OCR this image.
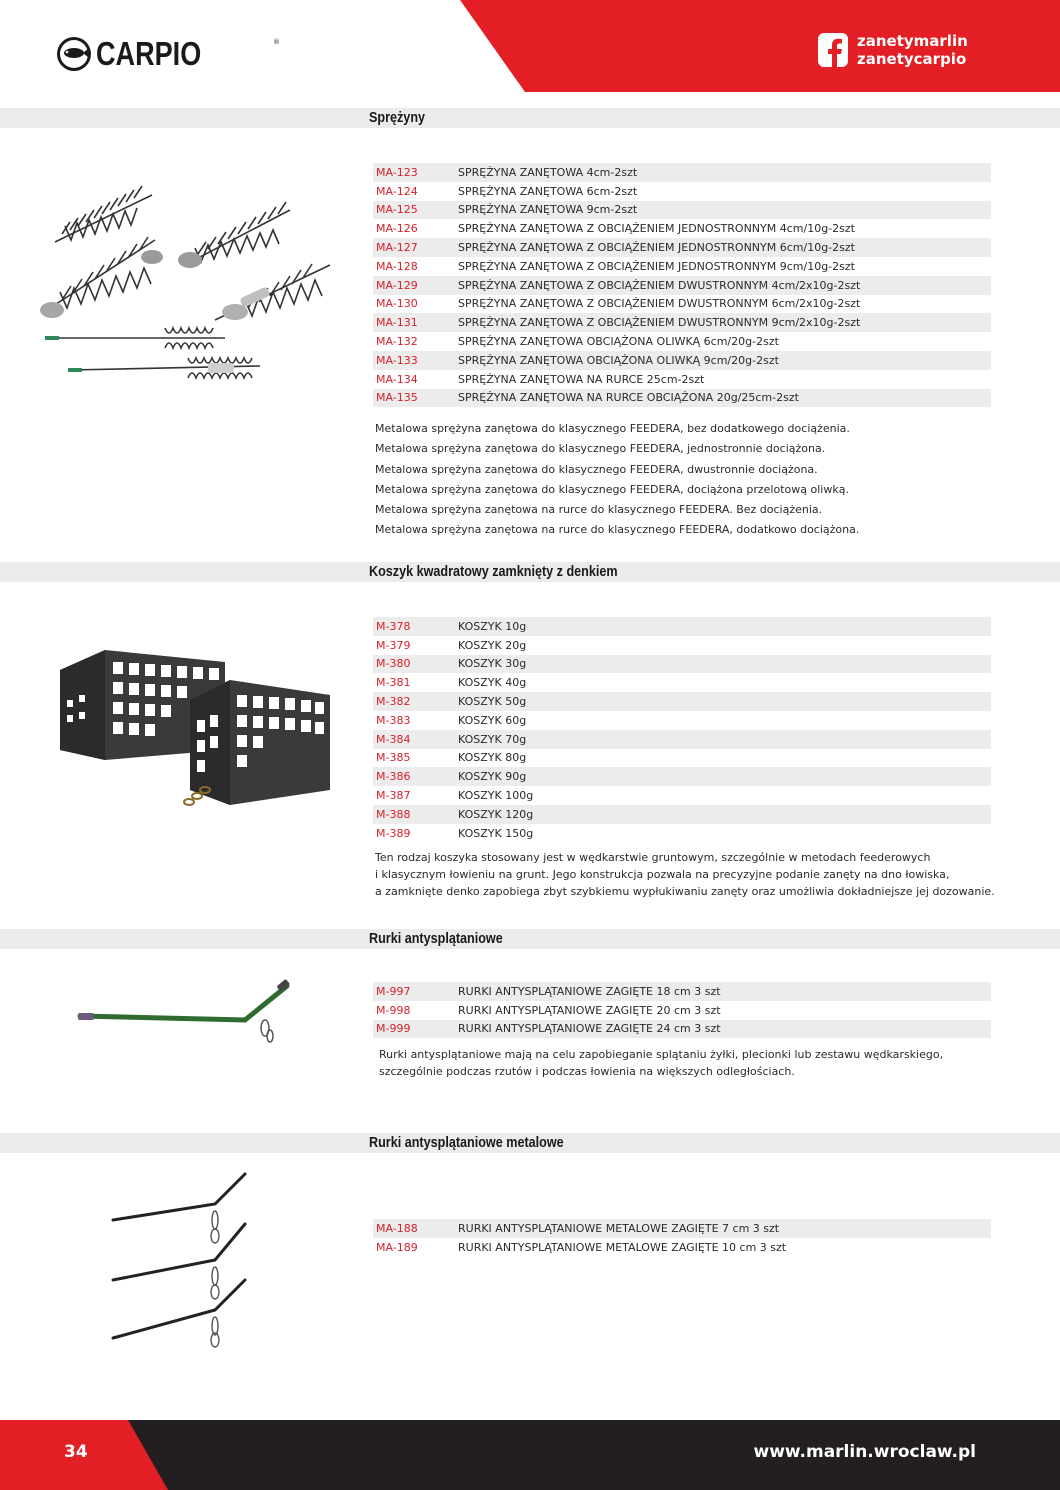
CARPIO	®	zanetymarlin
zanetycarpio
Sprężyny
MA-123	SPRĘŻYNA ZANĘTOWA 4cm-2szt
MA-124	SPRĘŻYNA ZANĘTOWA 6cm-2szt
MA-125	SPRĘŻYNA ZANĘTOWA 9cm-2szt
MA-126	SPRĘŻYNA ZANĘTOWA Z OBCIĄŻENIEM JEDNOSTRONNYM 4cm/10g-2szt
MA-127	SPRĘŻYNA ZANĘTOWA Z OBCIĄŻENIEM JEDNOSTRONNYM 6cm/10g-2szt
MA-128	SPRĘŻYNA ZANĘTOWA Z OBCIĄŻENIEM JEDNOSTRONNYM 9cm/10g-2szt
MA-129	SPRĘŻYNA ZANĘTOWA Z OBCIĄŻENIEM DWUSTRONNYM 4cm/2x10g-2szt
MA-130	SPRĘŻYNA ZANĘTOWA Z OBCIĄŻENIEM DWUSTRONNYM 6cm/2x10g-2szt
MA-131	SPRĘŻYNA ZANĘTOWA Z OBCIĄŻENIEM DWUSTRONNYM 9cm/2x10g-2szt
MA-132	SPRĘŻYNA ZANĘTOWA OBCIĄŻONA OLIWKĄ 6cm/20g-2szt
MA-133	SPRĘŻYNA ZANĘTOWA OBCIĄŻONA OLIWKĄ 9cm/20g-2szt
MA-134	SPRĘŻYNA ZANĘTOWA NA RURCE 25cm-2szt
MA-135	SPRĘŻYNA ZANĘTOWA NA RURCE OBCIĄŻONA 20g/25cm-2szt
Metalowa sprężyna zanętowa do klasycznego FEEDERA, bez dodatkowego dociążenia.
Metalowa sprężyna zanętowa do klasycznego FEEDERA, jednostronnie dociążona.
Metalowa sprężyna zanętowa do klasycznego FEEDERA, dwustronnie dociążona.
Metalowa sprężyna zanętowa do klasycznego FEEDERA, dociążona przelotową oliwką.
Metalowa sprężyna zanętowa na rurce do klasycznego FEEDERA. Bez dociążenia.
Metalowa sprężyna zanętowa na rurce do klasycznego FEEDERA, dodatkowo dociążona.
Koszyk kwadratowy zamknięty z denkiem
M-378	KOSZYK 10g
M-379	KOSZYK 20g
M-380	KOSZYK 30g
M-381	KOSZYK 40g
M-382	KOSZYK 50g
M-383	KOSZYK 60g
M-384	KOSZYK 70g
M-385	KOSZYK 80g
M-386	KOSZYK 90g
M-387	KOSZYK 100g
M-388	KOSZYK 120g
M-389	KOSZYK 150g
Ten rodzaj koszyka stosowany jest w wędkarstwie gruntowym, szczególnie w metodach feederowych
i klasycznym łowieniu na grunt. Jego konstrukcja pozwala na precyzyjne podanie zanęty na dno łowiska,
a zamknięte denko zapobiega zbyt szybkiemu wypłukiwaniu zanęty oraz umożliwia dokładniejsze jej dozowanie.
Rurki antysplątaniowe
M-997	RURKI ANTYSPLĄTANIOWE ZAGIĘTE 18 cm 3 szt
M-998	RURKI ANTYSPLĄTANIOWE ZAGIĘTE 20 cm 3 szt
M-999	RURKI ANTYSPLĄTANIOWE ZAGIĘTE 24 cm 3 szt
Rurki antysplątaniowe mają na celu zapobieganie splątaniu żyłki, plecionki lub zestawu wędkarskiego,
szczególnie podczas rzutów i podczas łowienia na większych odległościach.
Rurki antysplątaniowe metalowe
MA-188	RURKI ANTYSPLĄTANIOWE METALOWE ZAGIĘTE 7 cm 3 szt
MA-189	RURKI ANTYSPLĄTANIOWE METALOWE ZAGIĘTE 10 cm 3 szt
34	www.marlin.wroclaw.pl
